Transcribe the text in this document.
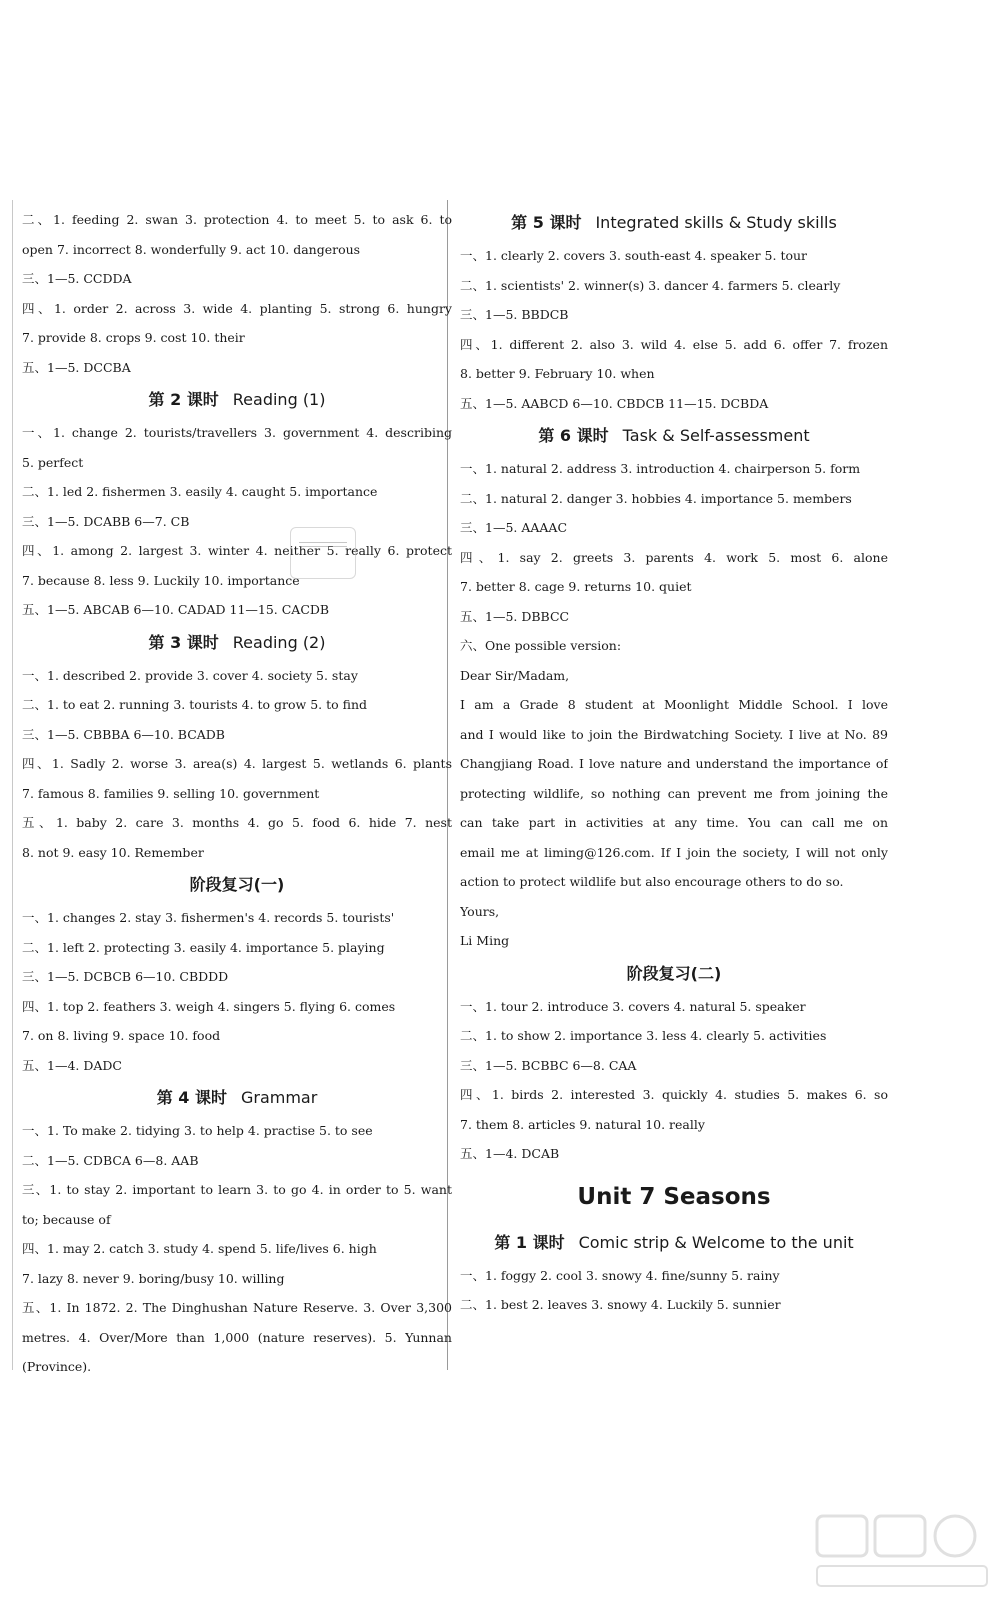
二、1. feeding 2. swan 3. protection 4. to meet 5. to ask 6. to
open 7. incorrect 8. wonderfully 9. act 10. dangerous
三、1—5. CCDDA
四、1. order 2. across 3. wide 4. planting 5. strong 6. hungry
7. provide 8. crops 9. cost 10. their
五、1—5. DCCBA
第 2 课时 Reading (1)
一、1. change 2. tourists/travellers 3. government 4. describing
5. perfect
二、1. led 2. fishermen 3. easily 4. caught 5. importance
三、1—5. DCABB 6—7. CB
四、1. among 2. largest 3. winter 4. neither 5. really 6. protect
7. because 8. less 9. Luckily 10. importance
五、1—5. ABCAB 6—10. CADAD 11—15. CACDB
第 3 课时 Reading (2)
一、1. described 2. provide 3. cover 4. society 5. stay
二、1. to eat 2. running 3. tourists 4. to grow 5. to find
三、1—5. CBBBA 6—10. BCADB
四、1. Sadly 2. worse 3. area(s) 4. largest 5. wetlands 6. plants
7. famous 8. families 9. selling 10. government
五、1. baby 2. care 3. months 4. go 5. food 6. hide 7. nest
8. not 9. easy 10. Remember
阶段复习(一)
一、1. changes 2. stay 3. fishermen's 4. records 5. tourists'
二、1. left 2. protecting 3. easily 4. importance 5. playing
三、1—5. DCBCB 6—10. CBDDD
四、1. top 2. feathers 3. weigh 4. singers 5. flying 6. comes
7. on 8. living 9. space 10. food
五、1—4. DADC
第 4 课时 Grammar
一、1. To make 2. tidying 3. to help 4. practise 5. to see
二、1—5. CDBCA 6—8. AAB
三、1. to stay 2. important to learn 3. to go 4. in order to 5. want
to; because of
四、1. may 2. catch 3. study 4. spend 5. life/lives 6. high
7. lazy 8. never 9. boring/busy 10. willing
五、1. In 1872. 2. The Dinghushan Nature Reserve. 3. Over 3,300
metres. 4. Over/More than 1,000 (nature reserves). 5. Yunnan
(Province).
第 5 课时 Integrated skills & Study skills
一、1. clearly 2. covers 3. south-east 4. speaker 5. tour
二、1. scientists' 2. winner(s) 3. dancer 4. farmers 5. clearly
三、1—5. BBDCB
四、1. different 2. also 3. wild 4. else 5. add 6. offer 7. frozen
8. better 9. February 10. when
五、1—5. AABCD 6—10. CBDCB 11—15. DCBDA
第 6 课时 Task & Self-assessment
一、1. natural 2. address 3. introduction 4. chairperson 5. form
二、1. natural 2. danger 3. hobbies 4. importance 5. members
三、1—5. AAAAC
四、1. say 2. greets 3. parents 4. work 5. most 6. alone
7. better 8. cage 9. returns 10. quiet
五、1—5. DBBCC
六、One possible version:
Dear Sir/Madam,
I am a Grade 8 student at Moonlight Middle School. I love
and I would like to join the Birdwatching Society. I live at No. 89
Changjiang Road. I love nature and understand the importance of
protecting wildlife, so nothing can prevent me from joining the
can take part in activities at any time. You can call me on
email me at liming@126.com. If I join the society, I will not only
action to protect wildlife but also encourage others to do so.
Yours,
Li Ming
阶段复习(二)
一、1. tour 2. introduce 3. covers 4. natural 5. speaker
二、1. to show 2. importance 3. less 4. clearly 5. activities
三、1—5. BCBBC 6—8. CAA
四、1. birds 2. interested 3. quickly 4. studies 5. makes 6. so
7. them 8. articles 9. natural 10. really
五、1—4. DCAB
Unit 7 Seasons
第 1 课时 Comic strip & Welcome to the unit
一、1. foggy 2. cool 3. snowy 4. fine/sunny 5. rainy
二、1. best 2. leaves 3. snowy 4. Luckily 5. sunnier
